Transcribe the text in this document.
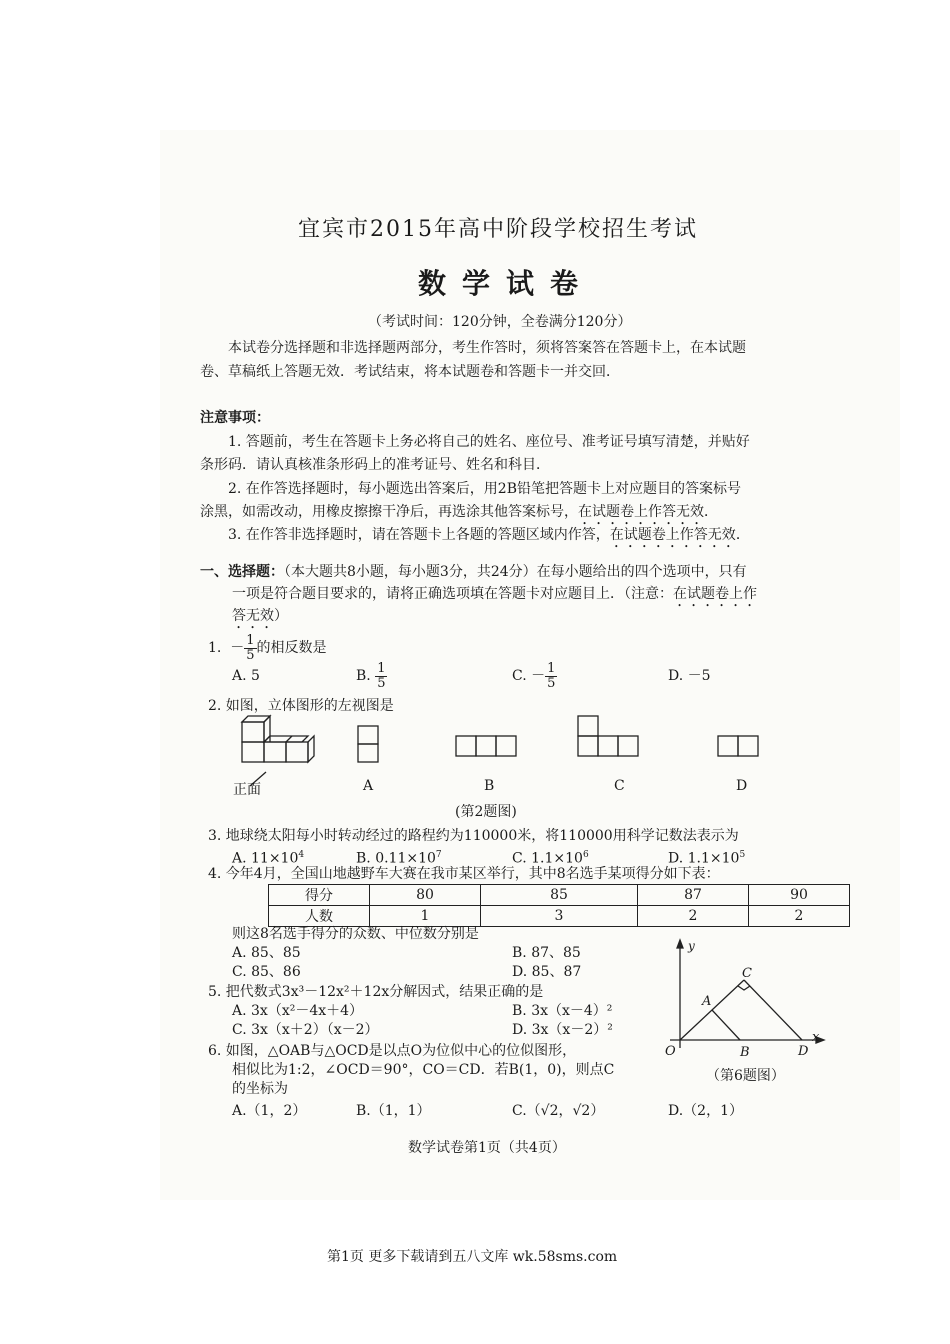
宜宾市2015年高中阶段学校招生考试
数学试卷
（考试时间：120分钟，全卷满分120分）
本试卷分选择题和非选择题两部分，考生作答时，须将答案答在答题卡上，在本试题
卷、草稿纸上答题无效．考试结束，将本试题卷和答题卡一并交回．
注意事项：
1. 答题前，考生在答题卡上务必将自己的姓名、座位号、准考证号填写清楚，并贴好
条形码．请认真核准条形码上的准考证号、姓名和科目．
2. 在作答选择题时，每小题选出答案后，用2B铅笔把答题卡上对应题目的答案标号
涂黑，如需改动，用橡皮擦擦干净后，再选涂其他答案标号，在试题卷上作答无效．
3. 在作答非选择题时，请在答题卡上各题的答题区域内作答，在试题卷上作答无效．
一、选择题：（本大题共8小题，每小题3分，共24分）在每小题给出的四个选项中，只有
一项是符合题目要求的，请将正确选项填在答题卡对应题目上．（注意：在试题卷上作
答无效）
1.
－ $\frac{1}{5}$ 的相反数是
A. 5	B.
$\frac{1}{5}$	C. － $\frac{1}{5}$	D. －5
2. 如图，立体图形的左视图是
正面	A	B	C	D
(第2题图)
3. 地球绕太阳每小时转动经过的路程约为110000米，将110000用科学记数法表示为
A. $11\times 10^4$	B. $0.11\times 10^7$	C. $1.1\times 10^6$	D. $1.1\times 10^5$
4. 今年4月，全国山地越野车大赛在我市某区举行，其中8名选手某项得分如下表：
得分	80	85	87	90
人数	1	3	2	2
则这8名选手得分的众数、中位数分别是
A. 85、85	B. 87、85
C. 85、86	D. 85、87
5. 把代数式3x³－12x²＋12x分解因式，结果正确的是
A. 3x（x²－4x＋4）	B. 3x（x－4）²
C. 3x（x＋2）（x－2）	D. 3x（x－2）²
6. 如图，△OAB与△OCD是以点O为位似中心的位似图形，
相似比为1:2，∠OCD＝90°，CO＝CD．若B(1，0)，则点C
的坐标为
A.（1，2）	B.（1，1）	C.（√2，√2）	D.（2，1）
y
x
O
A
B
C
D
（第6题图）
数学试卷第1页（共4页）
第1页 更多下载请到五八文库 wk.58sms.com
